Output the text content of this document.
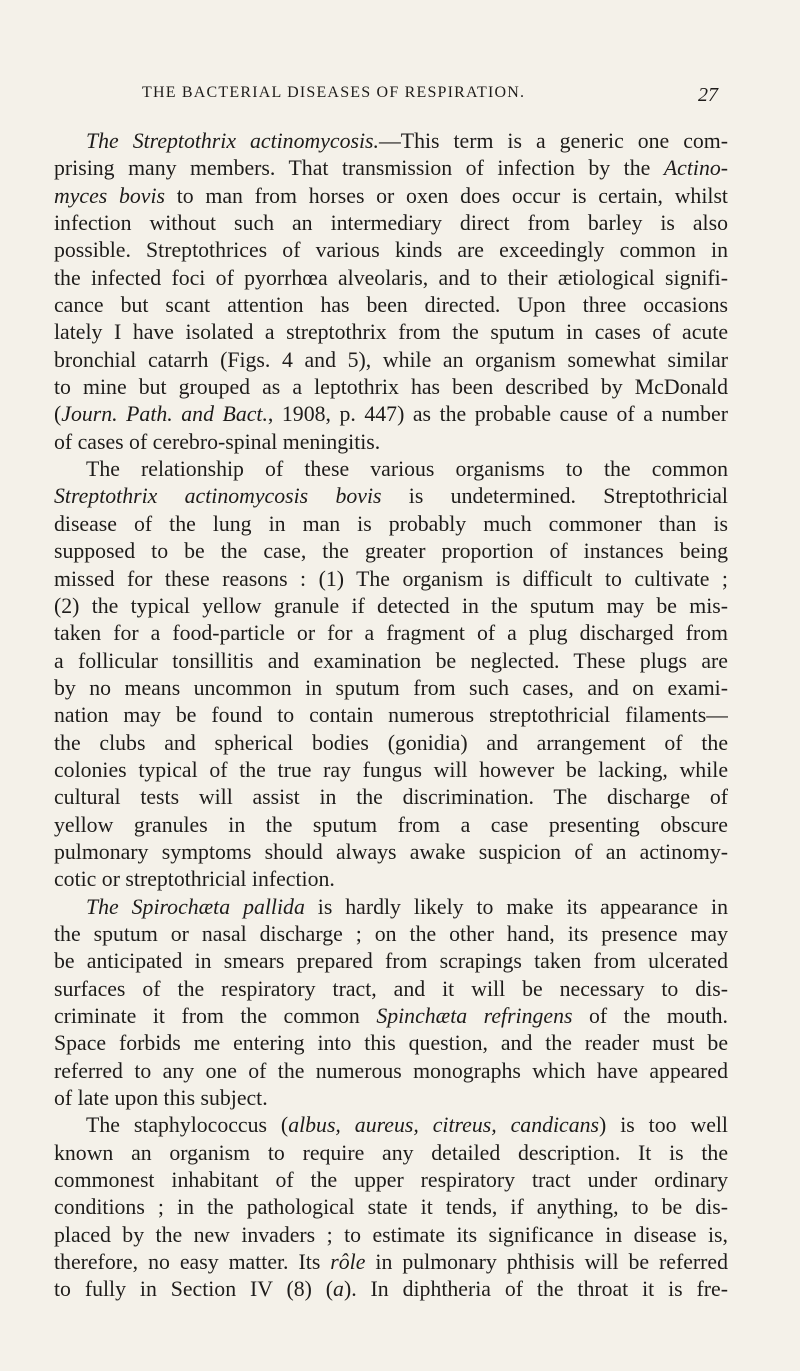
THE BACTERIAL DISEASES OF RESPIRATION.	27
The Streptothrix actinomycosis.—This term is a generic one com-
prising many members. That transmission of infection by the Actino-
myces bovis to man from horses or oxen does occur is certain, whilst
infection without such an intermediary direct from barley is also
possible. Streptothrices of various kinds are exceedingly common in
the infected foci of pyorrhœa alveolaris, and to their ætiological signifi-
cance but scant attention has been directed. Upon three occasions
lately I have isolated a streptothrix from the sputum in cases of acute
bronchial catarrh (Figs. 4 and 5), while an organism somewhat similar
to mine but grouped as a leptothrix has been described by McDonald
(Journ. Path. and Bact., 1908, p. 447) as the probable cause of a number
of cases of cerebro-spinal meningitis.
The relationship of these various organisms to the common
Streptothrix actinomycosis bovis is undetermined. Streptothricial
disease of the lung in man is probably much commoner than is
supposed to be the case, the greater proportion of instances being
missed for these reasons : (1) The organism is difficult to cultivate ;
(2) the typical yellow granule if detected in the sputum may be mis-
taken for a food-particle or for a fragment of a plug discharged from
a follicular tonsillitis and examination be neglected. These plugs are
by no means uncommon in sputum from such cases, and on exami-
nation may be found to contain numerous streptothricial filaments—
the clubs and spherical bodies (gonidia) and arrangement of the
colonies typical of the true ray fungus will however be lacking, while
cultural tests will assist in the discrimination. The discharge of
yellow granules in the sputum from a case presenting obscure
pulmonary symptoms should always awake suspicion of an actinomy-
cotic or streptothricial infection.
The Spirochæta pallida is hardly likely to make its appearance in
the sputum or nasal discharge ; on the other hand, its presence may
be anticipated in smears prepared from scrapings taken from ulcerated
surfaces of the respiratory tract, and it will be necessary to dis-
criminate it from the common Spinchæta refringens of the mouth.
Space forbids me entering into this question, and the reader must be
referred to any one of the numerous monographs which have appeared
of late upon this subject.
The staphylococcus (albus, aureus, citreus, candicans) is too well
known an organism to require any detailed description. It is the
commonest inhabitant of the upper respiratory tract under ordinary
conditions ; in the pathological state it tends, if anything, to be dis-
placed by the new invaders ; to estimate its significance in disease is,
therefore, no easy matter. Its rôle in pulmonary phthisis will be referred
to fully in Section IV (8) (a). In diphtheria of the throat it is fre-
